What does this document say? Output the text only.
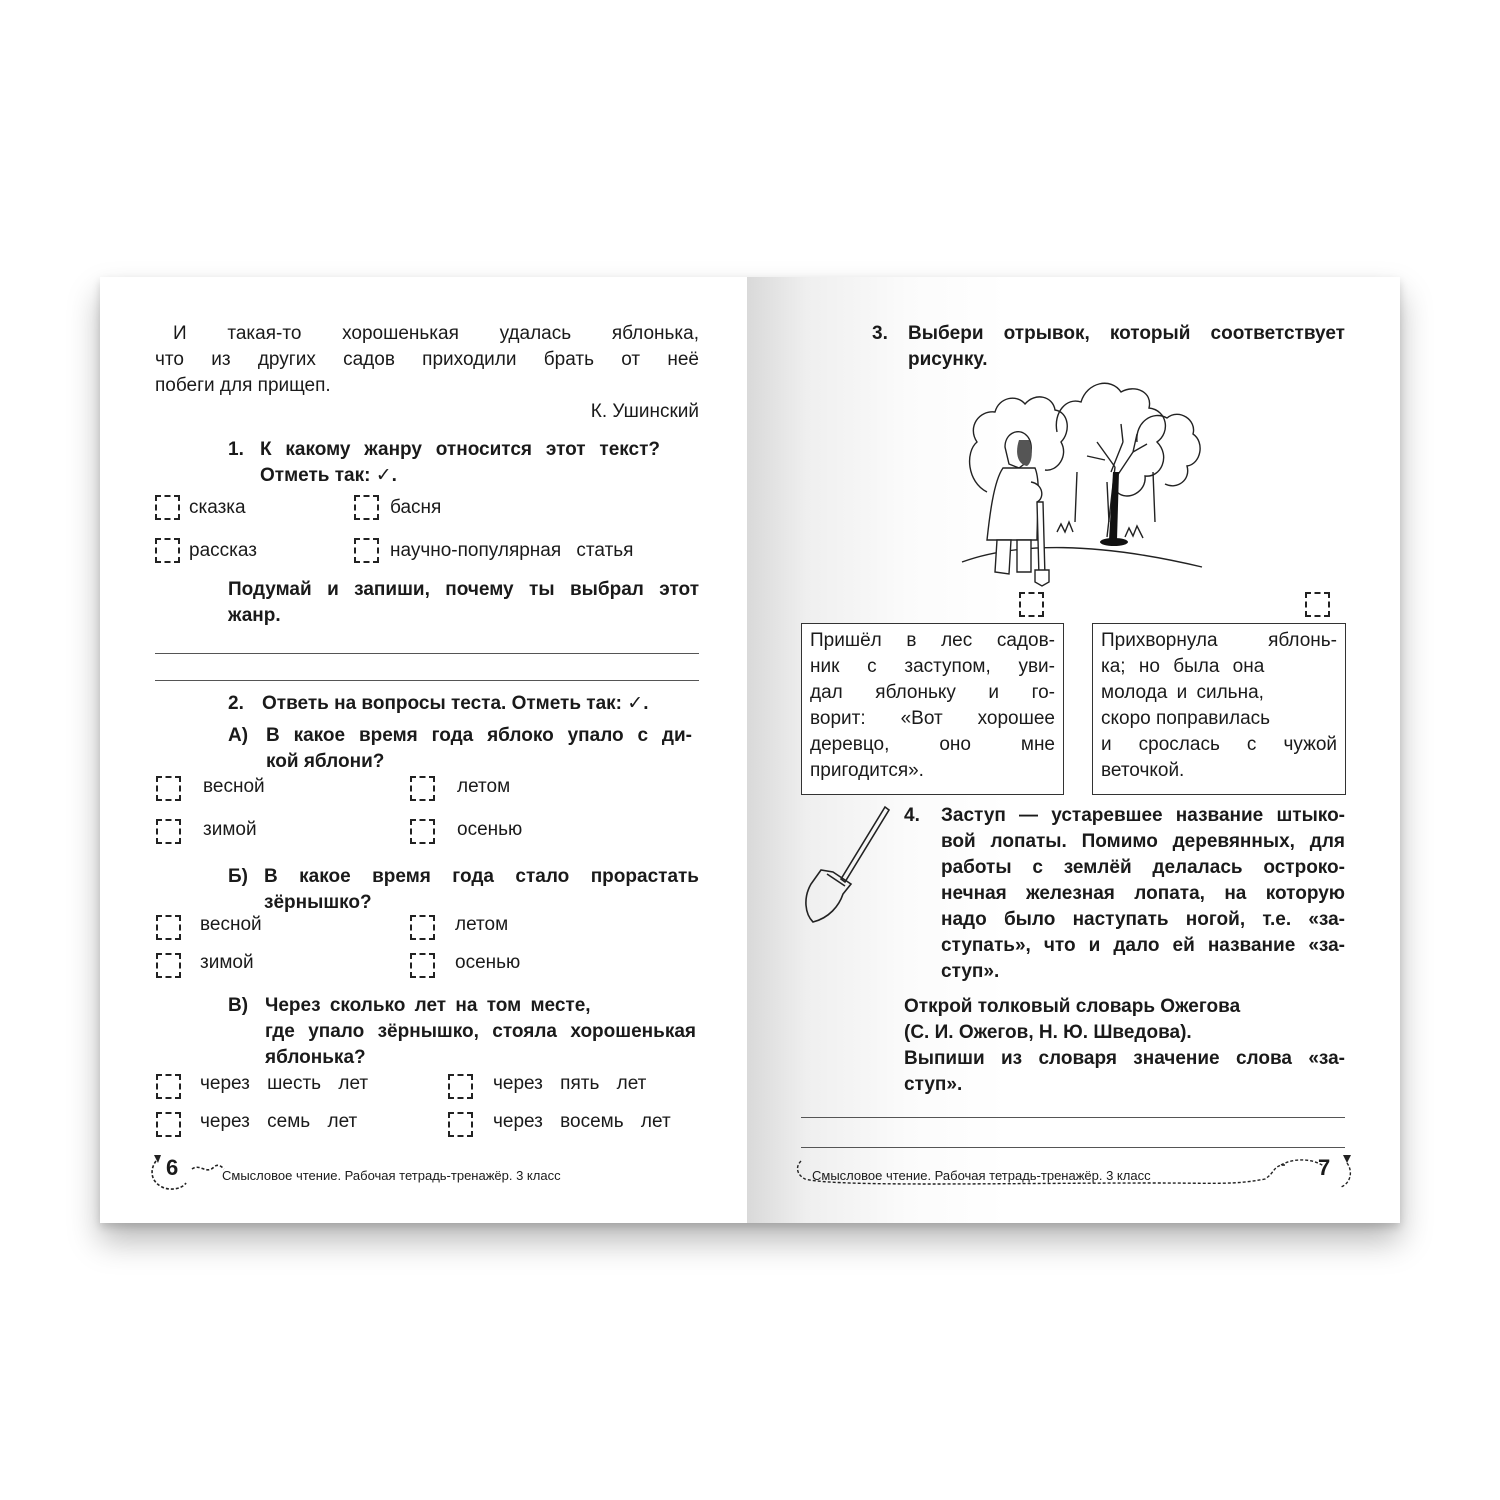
И такая-то хорошенькая удалась яблонька,
что из других садов приходили брать от неё
побеги для прищеп.
К. Ушинский
1. К какому жанру относится этот текст?
Отметь так: ✓.
сказка	басня
рассказ	научно-популярная статья
Подумай и запиши, почему ты выбрал этот
жанр.
2. Ответь на вопросы теста. Отметь так: ✓.
А) В какое время года яблоко упало с ди-
кой яблони?
весной	летом
зимой	осенью
Б) В какое время года стало прорастать
зёрнышко?
весной	летом
зимой	осенью
В) Через сколько лет на том месте,
где упало зёрнышко, стояла хорошенькая
яблонька?
через шесть лет	через пять лет
через семь лет	через восемь лет
6	Смысловое чтение. Рабочая тетрадь-тренажёр. 3 класс
3. Выбери отрывок, который соответствует
рисунку.
Пришёл в лес садов-
ник с заступом, уви-
дал яблоньку и го-
ворит: «Вот хорошее
деревцо, оно мне
пригодится».
Прихворнула яблонь-
ка; но была она
молода и сильна,
скоро поправилась
и срослась с чужой
веточкой.
4. Заступ — устаревшее название штыко-
вой лопаты. Помимо деревянных, для
работы с землёй делалась остроко-
нечная железная лопата, на которую
надо было наступать ногой, т.е. «за-
ступать», что и дало ей название «за-
ступ».
Открой толковый словарь Ожегова
(С. И. Ожегов, Н. Ю. Шведова).
Выпиши из словаря значение слова «за-
ступ».
Смысловое чтение. Рабочая тетрадь-тренажёр. 3 класс	7
